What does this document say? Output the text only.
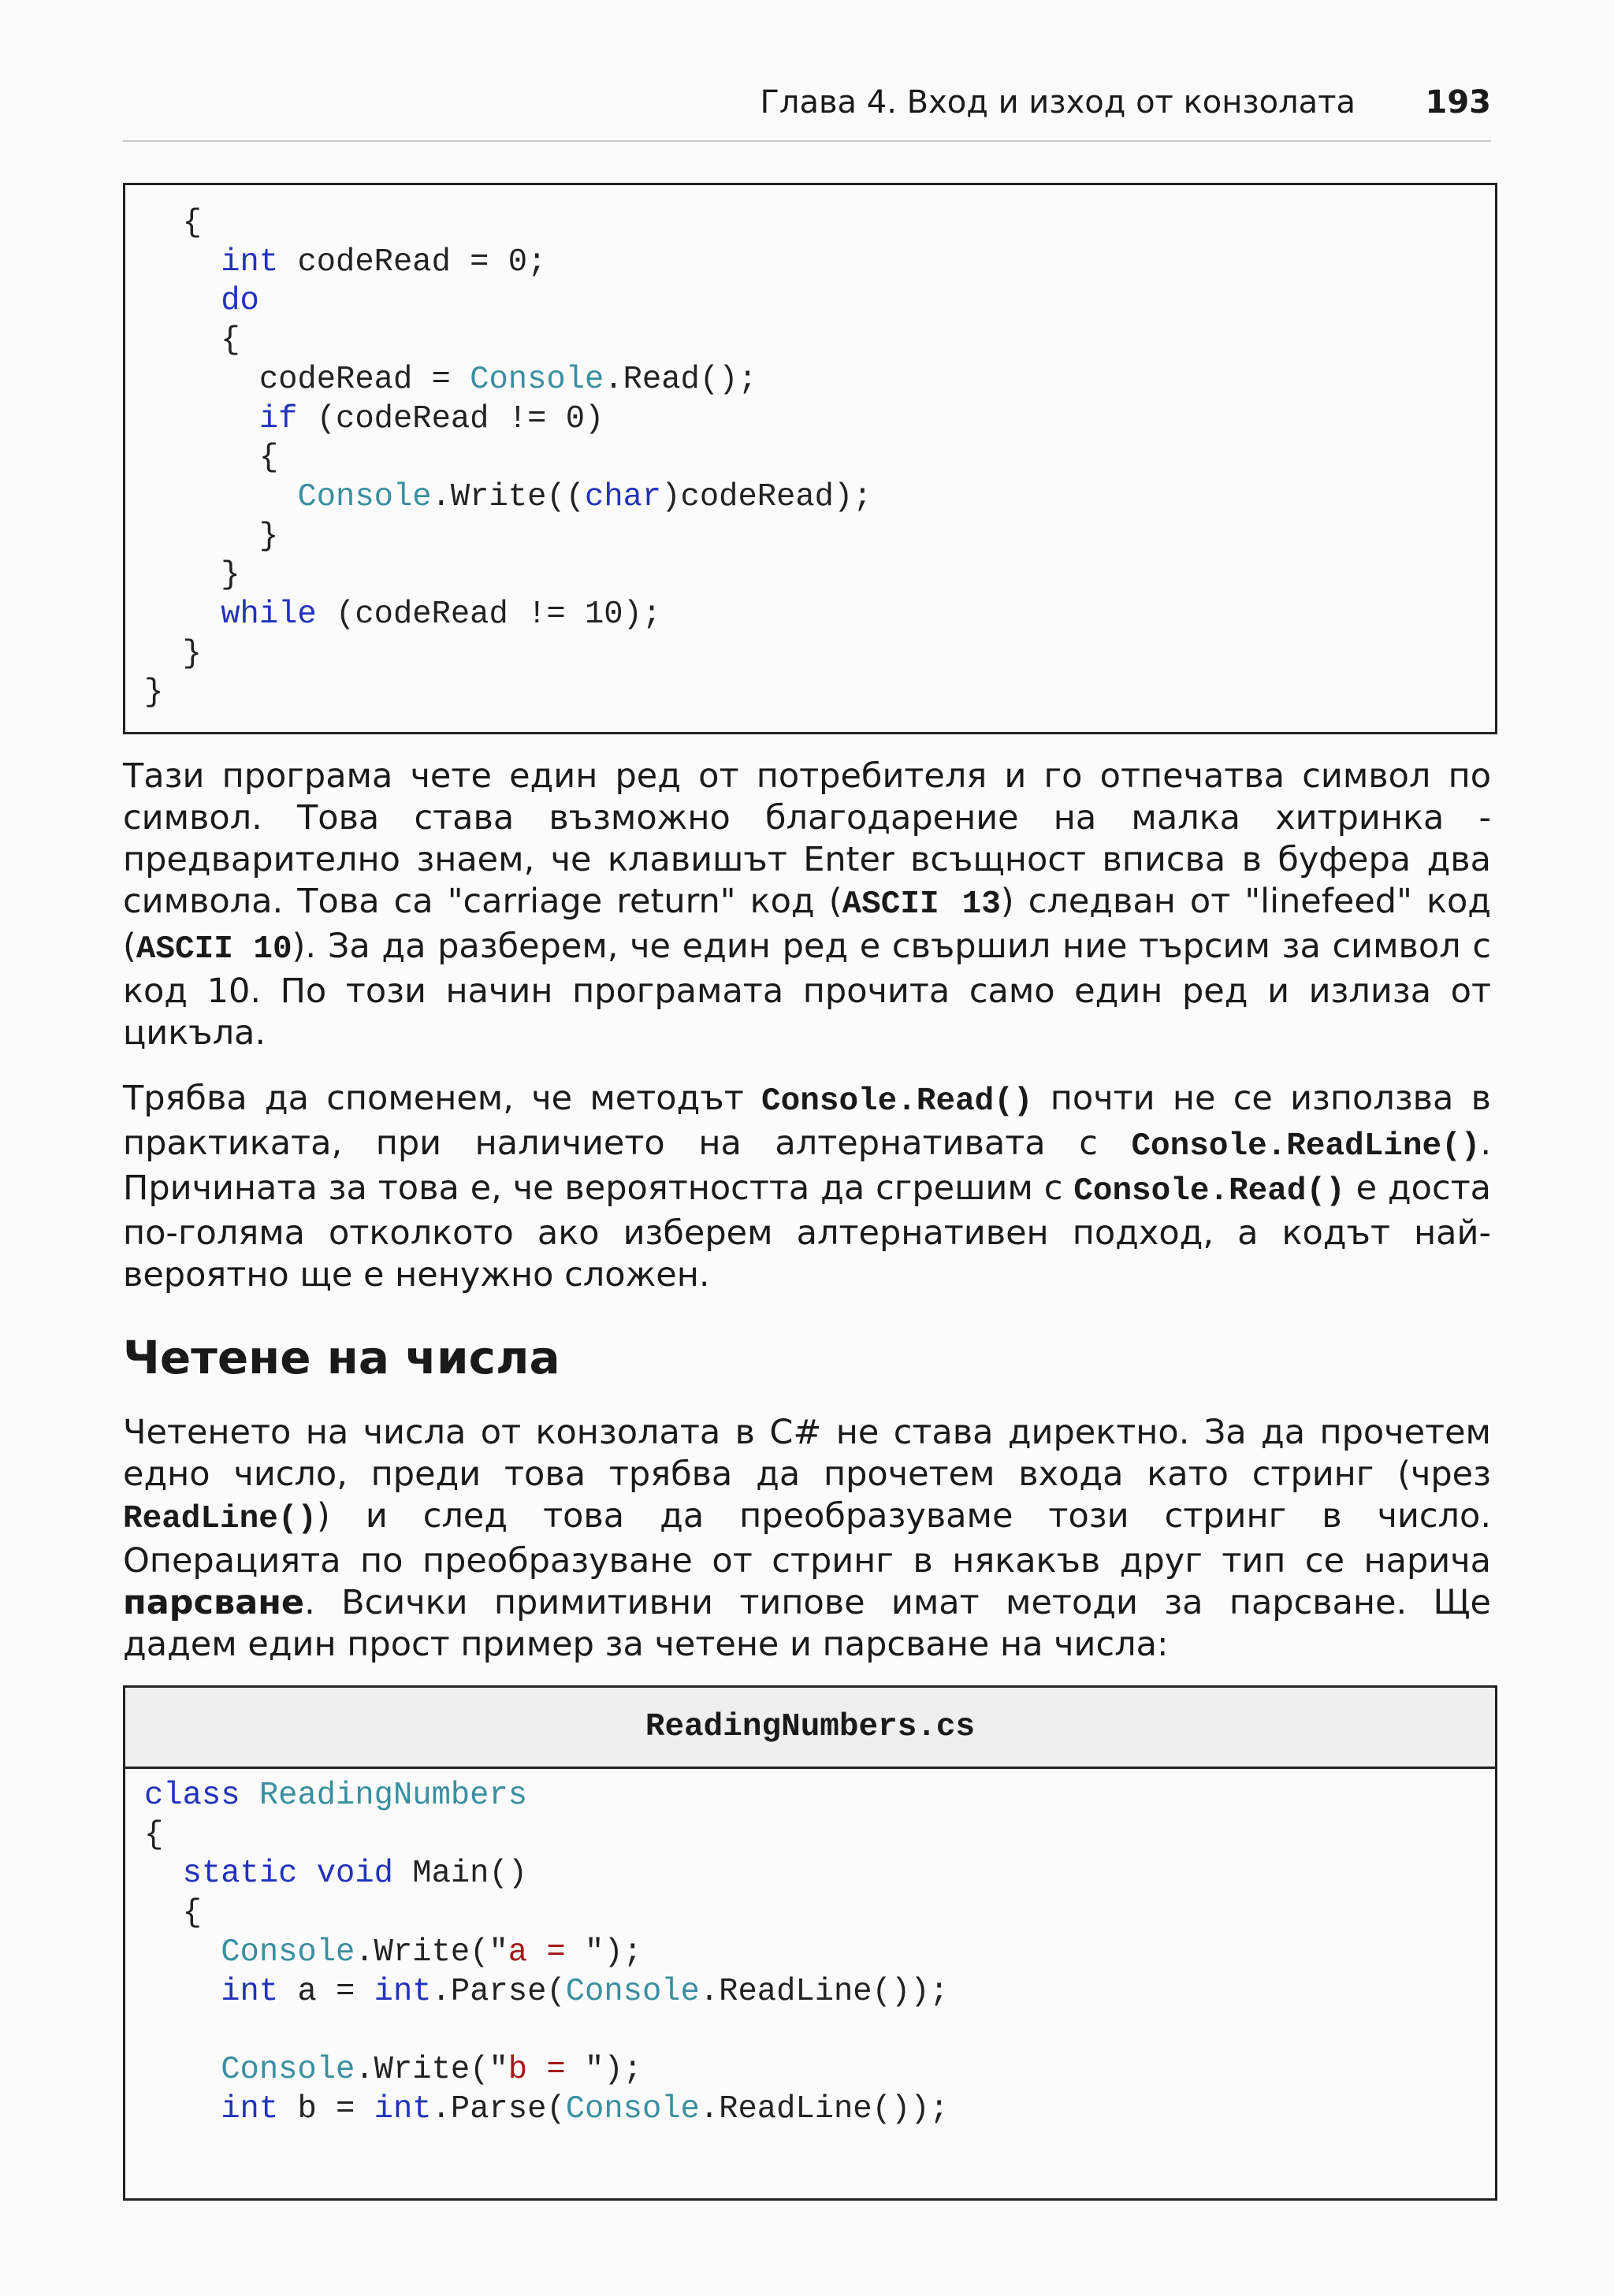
Глава 4. Вход и изход от конзолата 193
{
int codeRead = 0;
do
{
codeRead = Console.Read();
if (codeRead != 0)
{
Console.Write((char)codeRead);
}
}
while (codeRead != 10);
}
}

Тази програма чете един ред от потребителя и го отпечатва символ по символ. Това става възможно благодарение на малка хитринка - предварително знаем, че клавишът Enter всъщност вписва в буфера два символа. Това са "carriage return" код (ASCII 13) следван от "linefeed" код (ASCII 10). За да разберем, че един ред е свършил ние търсим за символ с код 10. По този начин програмата прочита само един ред и излиза от цикъла.

Трябва да споменем, че методът Console.Read() почти не се използва в практиката, при наличието на алтернативата с Console.ReadLine(). Причината за това е, че вероятността да сгрешим с Console.Read() е доста по-голяма отколкото ако изберем алтернативен подход, а кодът най-вероятно ще е ненужно сложен.

Четене на числа

Четенето на числа от конзолата в C# не става директно. За да прочетем едно число, преди това трябва да прочетем входа като стринг (чрез ReadLine()) и след това да преобразуваме този стринг в число. Операцията по преобразуване от стринг в някакъв друг тип се нарича парсване. Всички примитивни типове имат методи за парсване. Ще дадем един прост пример за четене и парсване на числа:

ReadingNumbers.cs
class ReadingNumbers
{
static void Main()
{
Console.Write("a = ");
int a = int.Parse(Console.ReadLine());

Console.Write("b = ");
int b = int.Parse(Console.ReadLine());
